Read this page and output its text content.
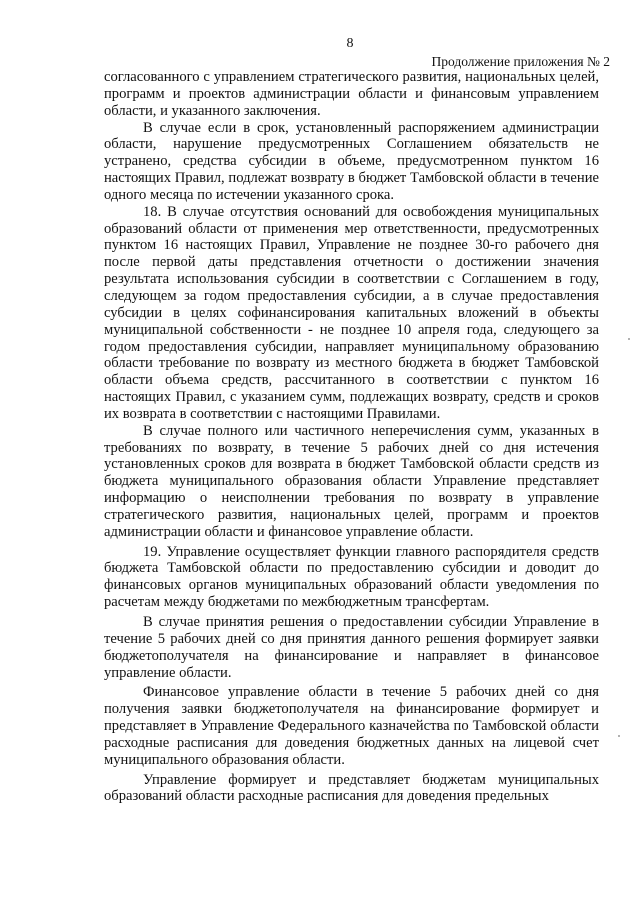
8
Продолжение приложения № 2

согласованного с управлением стратегического развития, национальных целей, программ и проектов администрации области и финансовым управлением области, и указанного заключения.

В случае если в срок, установленный распоряжением администрации области, нарушение предусмотренных Соглашением обязательств не устранено, средства субсидии в объеме, предусмотренном пунктом 16 настоящих Правил, подлежат возврату в бюджет Тамбовской области в течение одного месяца по истечении указанного срока.

18. В случае отсутствия оснований для освобождения муниципальных образований области от применения мер ответственности, предусмотренных пунктом 16 настоящих Правил, Управление не позднее 30-го рабочего дня после первой даты представления отчетности о достижении значения результата использования субсидии в соответствии с Соглашением в году, следующем за годом предоставления субсидии, а в случае предоставления субсидии в целях софинансирования капитальных вложений в объекты муниципальной собственности - не позднее 10 апреля года, следующего за годом предоставления субсидии, направляет муниципальному образованию области требование по возврату из местного бюджета в бюджет Тамбовской области объема средств, рассчитанного в соответствии с пунктом 16 настоящих Правил, с указанием сумм, подлежащих возврату, средств и сроков их возврата в соответствии с настоящими Правилами.

В случае полного или частичного неперечисления сумм, указанных в требованиях по возврату, в течение 5 рабочих дней со дня истечения установленных сроков для возврата в бюджет Тамбовской области средств из бюджета муниципального образования области Управление представляет информацию о неисполнении требования по возврату в управление стратегического развития, национальных целей, программ и проектов администрации области и финансовое управление области.

19. Управление осуществляет функции главного распорядителя средств бюджета Тамбовской области по предоставлению субсидии и доводит до финансовых органов муниципальных образований области уведомления по расчетам между бюджетами по межбюджетным трансфертам.

В случае принятия решения о предоставлении субсидии Управление в течение 5 рабочих дней со дня принятия данного решения формирует заявки бюджетополучателя на финансирование и направляет в финансовое управление области.

Финансовое управление области в течение 5 рабочих дней со дня получения заявки бюджетополучателя на финансирование формирует и представляет в Управление Федерального казначейства по Тамбовской области расходные расписания для доведения бюджетных данных на лицевой счет муниципального образования области.

Управление формирует и представляет бюджетам муниципальных образований области расходные расписания для доведения предельных
